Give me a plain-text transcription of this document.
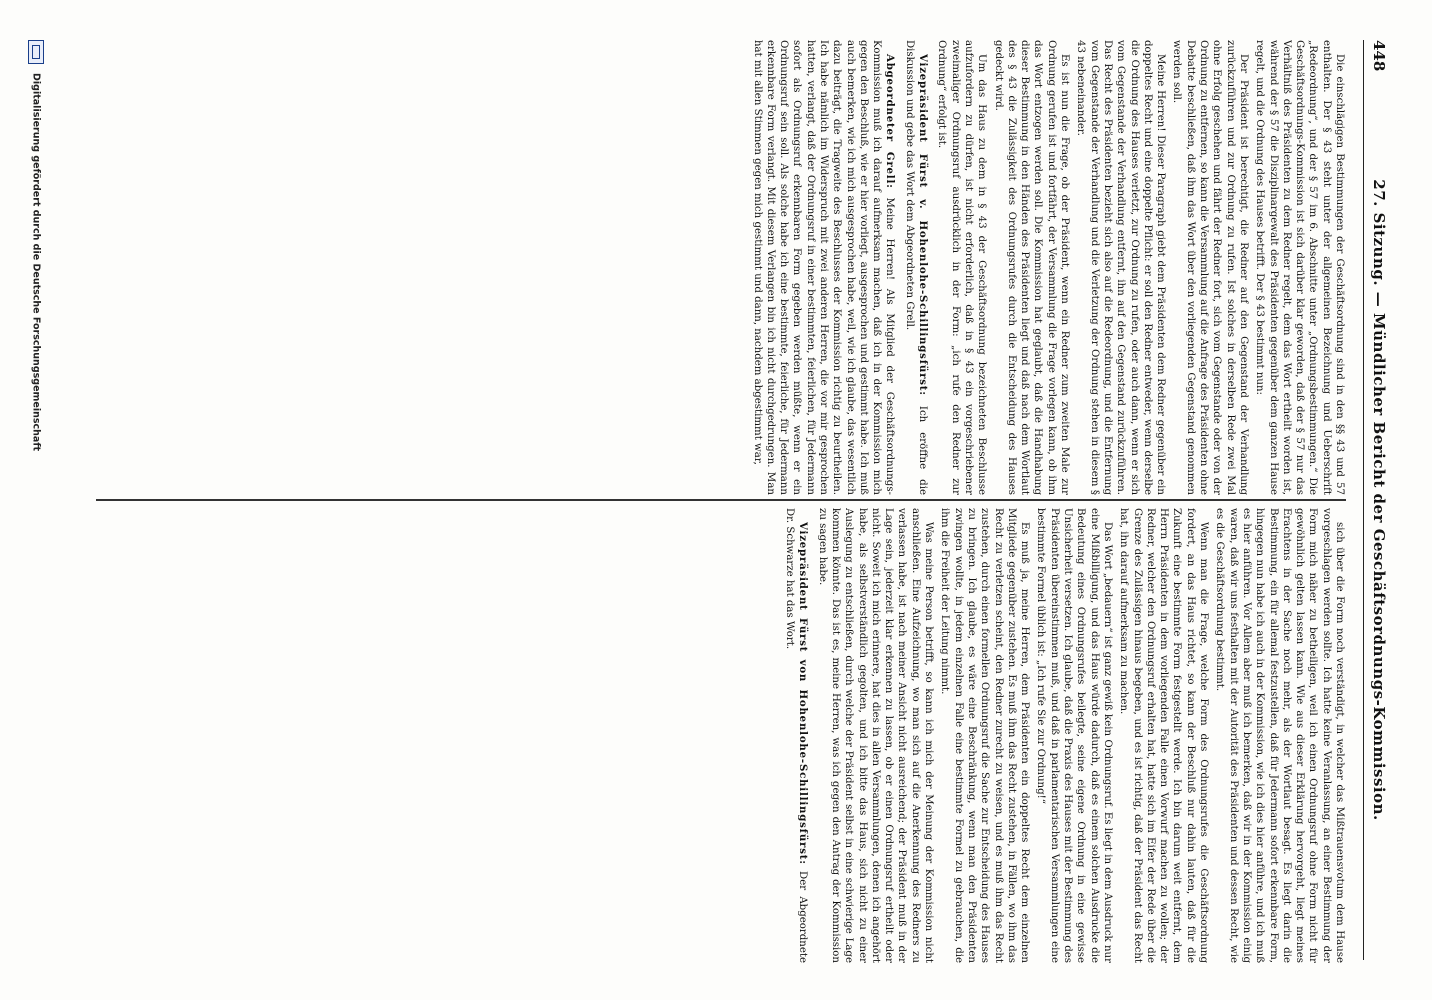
448
27. Sitzung. — Mündlicher Bericht der Geschäftsordnungs-Kommission.

Die einschlägigen Bestimmungen der Geschäftsordnung sind in den §§ 43 und 57 enthalten. Der § 43 steht unter der allgemeinen Bezeichnung und Ueberschrift „Redeordnung“, und der § 57 im 6. Abschnitte unter „Ordnungsbestimmungen.“ Die Geschäftsordnungs-Kommission ist sich darüber klar geworden, daß der § 57 nur das Verhältniß des Präsidenten zu dem Redner regelt, dem das Wort ertheilt worden ist, während der § 57 die Disziplinargewalt des Präsidenten gegenüber dem ganzen Hause regelt, und die Ordnung des Hauses betrifft. Der § 43 bestimmt nun:

Der Präsident ist berechtigt, die Redner auf den Gegenstand der Verhandlung zurückzuführen und zur Ordnung zu rufen. Ist solches in derselben Rede zwei Mal ohne Erfolg geschehen und fährt der Redner fort, sich vom Gegenstande oder von der Ordnung zu entfernen, so kann die Versammlung auf die Anfrage des Präsidenten ohne Debatte beschließen, daß ihm das Wort über den vorliegenden Gegenstand genommen werden soll.

Meine Herren! Dieser Paragraph giebt dem Präsidenten dem Redner gegenüber ein doppeltes Recht und eine doppelte Pflicht: er soll den Redner entweder, wenn derselbe die Ordnung des Hauses verletzt, zur Ordnung zu rufen, oder auch dann, wenn er sich vom Gegenstande der Verhandlung entfernt, ihn auf den Gegenstand zurückzuführen. Das Recht des Präsidenten bezieht sich also auf die Redeordnung, und die Entfernung vom Gegenstande der Verhandlung und die Verletzung der Ordnung stehen in diesem § 43 nebeneinander.

Es ist nun die Frage, ob der Präsident, wenn ein Redner zum zweiten Male zur Ordnung gerufen ist und fortfährt, der Versammlung die Frage vorlegen kann, ob ihm das Wort entzogen werden soll. Die Kommission hat geglaubt, daß die Handhabung dieser Bestimmung in den Händen des Präsidenten liegt und daß nach dem Wortlaut des § 43 die Zulässigkeit des Ordnungsrufes durch die Entscheidung des Hauses gedeckt wird.

Um das Haus zu dem in § 43 der Geschäftsordnung bezeichneten Beschlusse aufzufordern zu dürfen, ist nicht erforderlich, daß in § 43 ein vorgeschriebener zweimaliger Ordnungsruf ausdrücklich in der Form: „ich rufe den Redner zur Ordnung“ erfolgt ist.

Vizepräsident Fürst v. Hohenlohe-Schillingsfürst: Ich eröffne die Diskussion und gebe das Wort dem Abgeordneten Grell.

Abgeordneter Grell: Meine Herren! Als Mitglied der Geschäftsordnungs-Kommission muß ich darauf aufmerksam machen, daß ich in der Kommission mich gegen den Beschluß, wie er hier vorliegt, ausgesprochen und gestimmt habe. Ich muß auch bemerken, wie ich mich ausgesprochen habe, weil, wie ich glaube, das wesentlich dazu beiträgt, die Tragweite des Beschlusses der Kommission richtig zu beurtheilen. Ich habe nämlich im Widerspruch mit zwei anderen Herren, die vor mir gesprochen hatten, verlangt, daß der Ordnungsruf in einer bestimmten, feierlichen, für Jedermann sofort als Ordnungsruf erkennbaren Form gegeben werden müßte, wenn er ein Ordnungsruf sein soll. Als solche habe ich eine bestimmte, feierliche, für Jedermann erkennbare Form verlangt. Mit diesem Verlangen bin ich nicht durchgedrungen. Man hat mit allen Stimmen gegen mich gestimmt und dann, nachdem abgestimmt war,

sich über die Form noch verständigt, in welcher das Mißtrauensvotum dem Hause vorgeschlagen werden sollte. Ich hatte keine Veranlassung, an einer Bestimmung der Form mich näher zu betheiligen, weil ich einen Ordnungsruf ohne Form nicht für gewöhnlich gelten lassen kann. Wie aus dieser Erklärung hervorgeht, liegt meines Erachtens in der Sache noch mehr, als der Wortlaut besagt. Es liegt darin die Bestimmung, ein für allemal festzustellen, daß für Jedermann sofort erkennbare Form, hingegen nun habe ich auch in der Kommission, wie ich dies hier anführe, und ich muß es hier anführen. Vor Allem aber muß ich bemerken, daß wir in der Kommission einig waren, daß wir uns festhalten mit der Autorität des Präsidenten und dessen Recht, wie es die Geschäftsordnung bestimmt.

Wenn man die Frage, welche Form des Ordnungsrufes die Geschäftsordnung fordert, an das Haus richtet, so kann der Beschluß nur dahin lauten, daß für die Zukunft eine bestimmte Form festgestellt werde. Ich bin darum weit entfernt, dem Herrn Präsidenten in dem vorliegenden Falle einen Vorwurf machen zu wollen; der Redner, welcher den Ordnungsruf erhalten hat, hatte sich im Eifer der Rede über die Grenze des Zulässigen hinaus begeben, und es ist richtig, daß der Präsident das Recht hat, ihn darauf aufmerksam zu machen.

Das Wort „bedauern“ ist ganz gewiß kein Ordnungsruf. Es liegt in dem Ausdruck nur eine Mißbilligung, und das Haus würde dadurch, daß es einem solchen Ausdrucke die Bedeutung eines Ordnungsrufes beilegte, seine eigene Ordnung in eine gewisse Unsicherheit versetzen. Ich glaube, daß die Praxis des Hauses mit der Bestimmung des Präsidenten übereinstimmen muß, und daß in parlamentarischen Versammlungen eine bestimmte Formel üblich ist: „Ich rufe Sie zur Ordnung!“

Es muß ja, meine Herren, dem Präsidenten ein doppeltes Recht dem einzelnen Mitgliede gegenüber zustehen. Es muß ihm das Recht zustehen, in Fällen, wo ihm das Recht zu verletzen scheint, den Redner zurecht zu weisen, und es muß ihm das Recht zustehen, durch einen formellen Ordnungsruf die Sache zur Entscheidung des Hauses zu bringen. Ich glaube, es wäre eine Beschränkung, wenn man den Präsidenten zwingen wollte, in jedem einzelnen Falle eine bestimmte Formel zu gebrauchen, die ihm die Freiheit der Leitung nimmt.

Was meine Person betrifft, so kann ich mich der Meinung der Kommission nicht anschließen. Eine Aufzeichnung, wo man sich auf die Anerkennung des Redners zu verlassen habe, ist nach meiner Ansicht nicht ausreichend; der Präsident muß in der Lage sein, jederzeit klar erkennen zu lassen, ob er einen Ordnungsruf ertheilt oder nicht. Soweit ich mich erinnere, hat dies in allen Versammlungen, denen ich angehört habe, als selbstverständlich gegolten, und ich bitte das Haus, sich nicht zu einer Auslegung zu entschließen, durch welche der Präsident selbst in eine schwierige Lage kommen könnte. Das ist es, meine Herren, was ich gegen den Antrag der Kommission zu sagen habe.

Vizepräsident Fürst von Hohenlohe-Schillingsfürst: Der Abgeordnete Dr. Schwarze hat das Wort.

Digitalisierung gefördert durch die Deutsche Forschungsgemeinschaft
